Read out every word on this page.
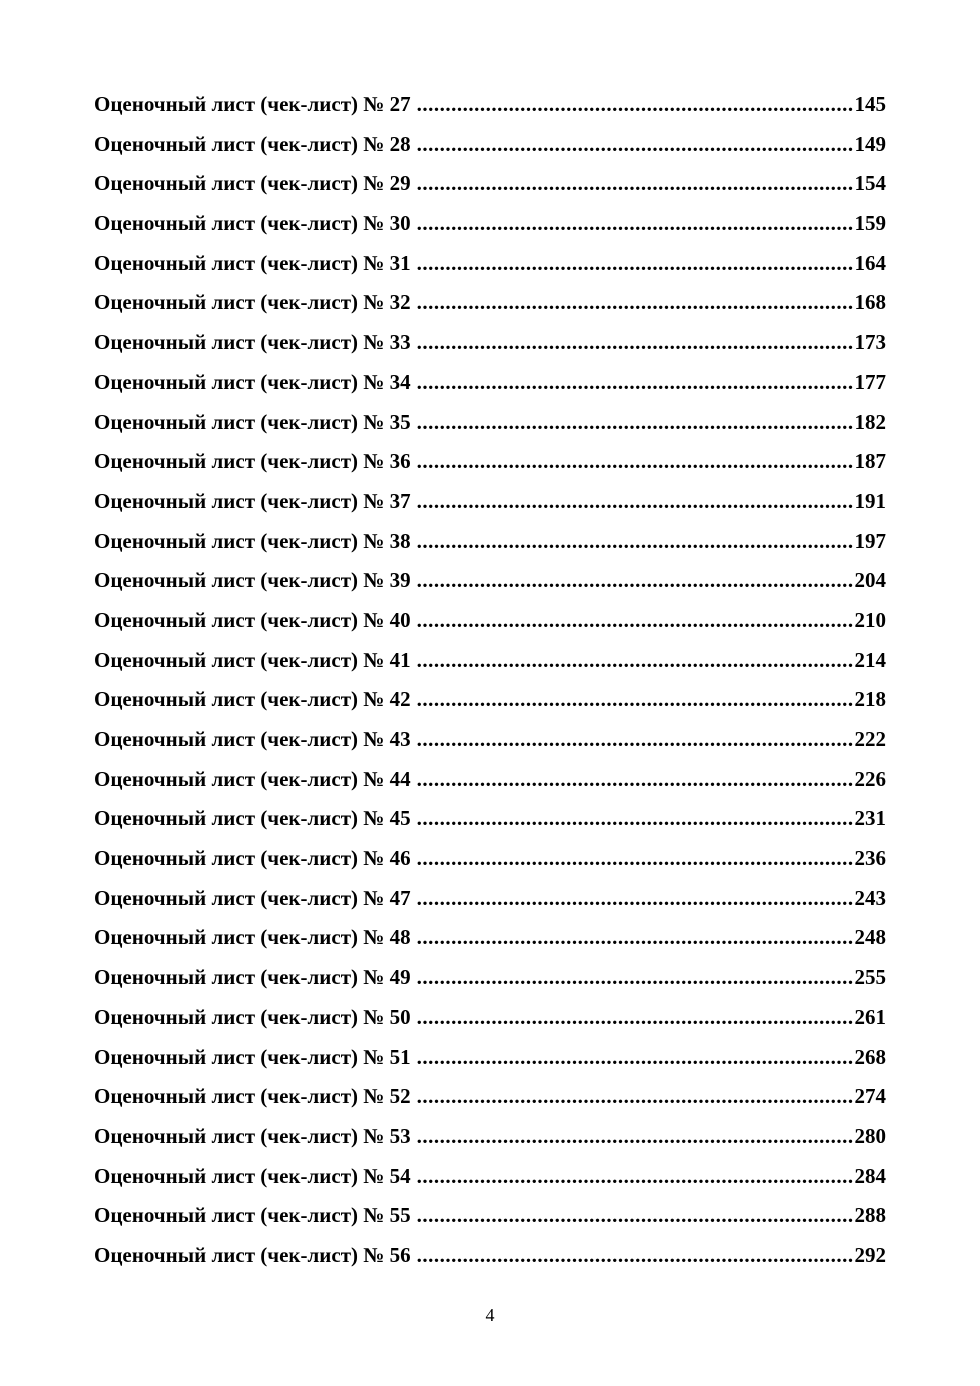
Оценочный лист (чек-лист) № 27 .....	145
Оценочный лист (чек-лист) № 28 .....	149
Оценочный лист (чек-лист) № 29 .....	154
Оценочный лист (чек-лист) № 30 .....	159
Оценочный лист (чек-лист) № 31 .....	164
Оценочный лист (чек-лист) № 32 .....	168
Оценочный лист (чек-лист) № 33 .....	173
Оценочный лист (чек-лист) № 34 .....	177
Оценочный лист (чек-лист) № 35 .....	182
Оценочный лист (чек-лист) № 36 .....	187
Оценочный лист (чек-лист) № 37 .....	191
Оценочный лист (чек-лист) № 38 .....	197
Оценочный лист (чек-лист) № 39 .....	204
Оценочный лист (чек-лист) № 40 .....	210
Оценочный лист (чек-лист) № 41 .....	214
Оценочный лист (чек-лист) № 42 .....	218
Оценочный лист (чек-лист) № 43 .....	222
Оценочный лист (чек-лист) № 44 .....	226
Оценочный лист (чек-лист) № 45 .....	231
Оценочный лист (чек-лист) № 46 .....	236
Оценочный лист (чек-лист) № 47 .....	243
Оценочный лист (чек-лист) № 48 .....	248
Оценочный лист (чек-лист) № 49 .....	255
Оценочный лист (чек-лист) № 50 .....	261
Оценочный лист (чек-лист) № 51 .....	268
Оценочный лист (чек-лист) № 52 .....	274
Оценочный лист (чек-лист) № 53 .....	280
Оценочный лист (чек-лист) № 54 .....	284
Оценочный лист (чек-лист) № 55 .....	288
Оценочный лист (чек-лист) № 56 .....	292
4
